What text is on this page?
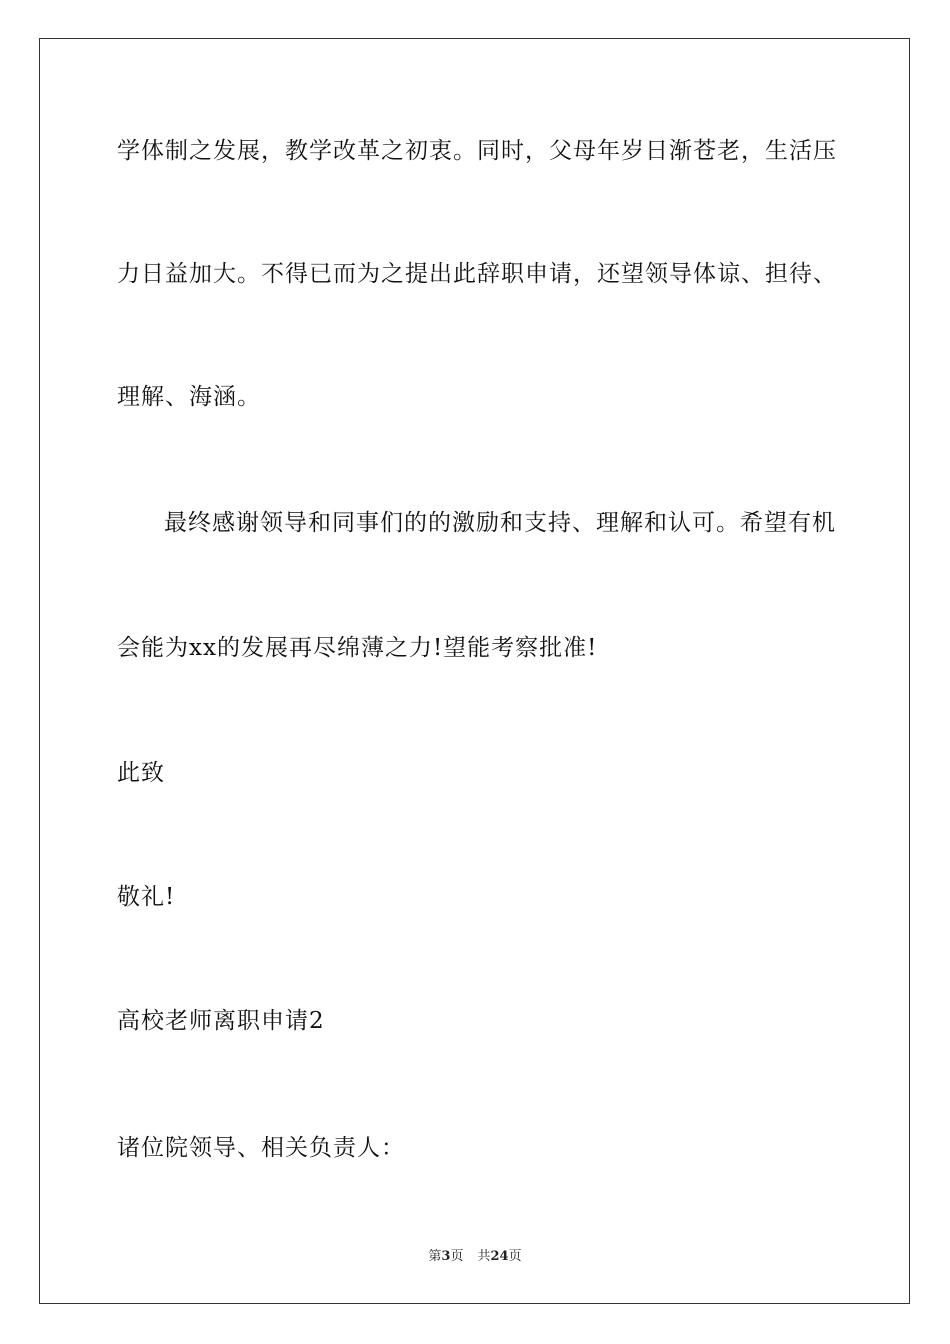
学体制之发展，教学改革之初衷。同时，父母年岁日渐苍老，生活压
力日益加大。不得已而为之提出此辞职申请，还望领导体谅、担待、
理解、海涵。
最终感谢领导和同事们的的激励和支持、理解和认可。希望有机
会能为xx的发展再尽绵薄之力!望能考察批准!
此致
敬礼!
高校老师离职申请2
诸位院领导、相关负责人：
第3页 共24页
